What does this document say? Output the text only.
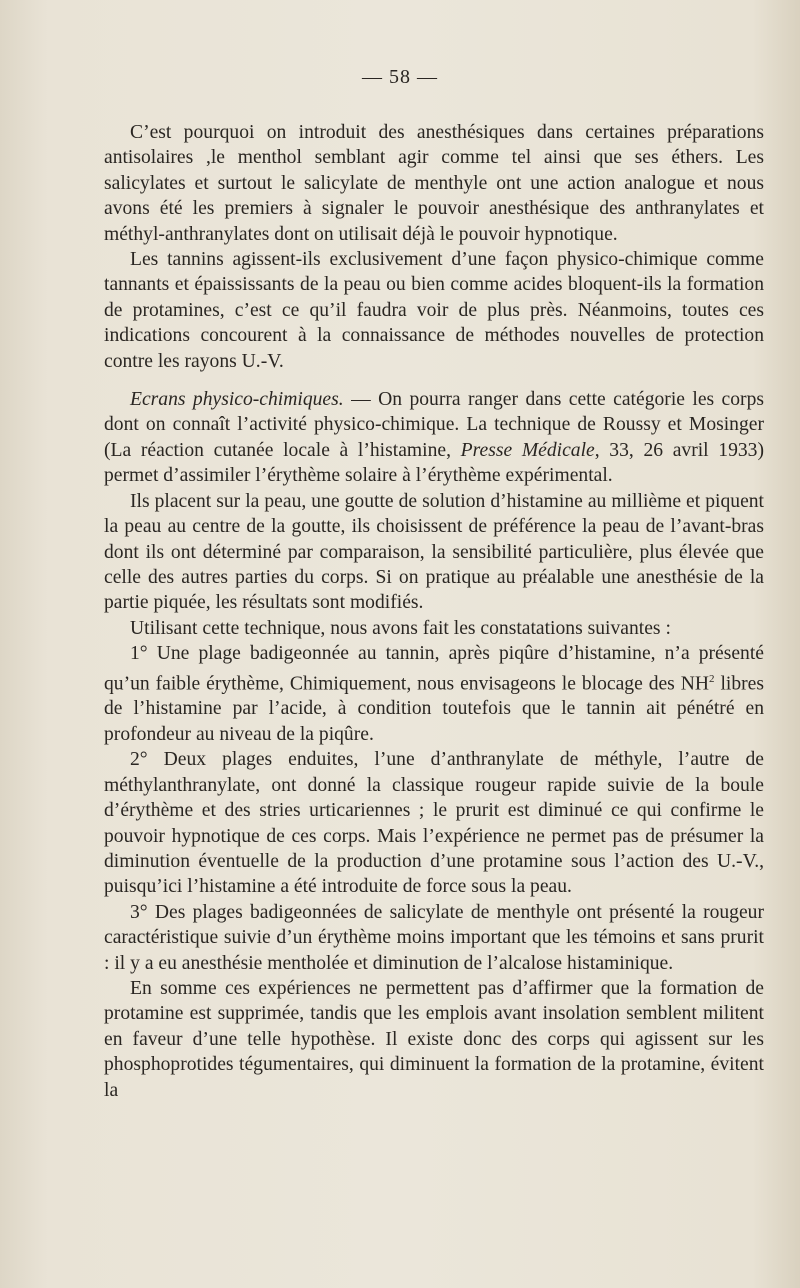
— 58 —

C’est pourquoi on introduit des anesthésiques dans certaines préparations antisolaires ,le menthol semblant agir comme tel ainsi que ses éthers. Les salicylates et surtout le salicylate de menthyle ont une action analogue et nous avons été les premiers à signaler le pouvoir anesthésique des anthranylates et méthyl-anthranylates dont on utilisait déjà le pouvoir hypnotique.

Les tannins agissent-ils exclusivement d’une façon physico-chimique comme tannants et épaississants de la peau ou bien comme acides bloquent-ils la formation de protamines, c’est ce qu’il faudra voir de plus près. Néanmoins, toutes ces indications concourent à la connaissance de méthodes nouvelles de protection contre les rayons U.-V.

Ecrans physico-chimiques. — On pourra ranger dans cette catégorie les corps dont on connaît l’activité physico-chimique. La technique de Roussy et Mosinger (La réaction cutanée locale à l’histamine, Presse Médicale, 33, 26 avril 1933) permet d’assimiler l’érythème solaire à l’érythème expérimental.

Ils placent sur la peau, une goutte de solution d’histamine au millième et piquent la peau au centre de la goutte, ils choisissent de préférence la peau de l’avant-bras dont ils ont déterminé par comparaison, la sensibilité particulière, plus élevée que celle des autres parties du corps. Si on pratique au préalable une anesthésie de la partie piquée, les résultats sont modifiés.

Utilisant cette technique, nous avons fait les constatations suivantes :

1° Une plage badigeonnée au tannin, après piqûre d’histamine, n’a présenté qu’un faible érythème, Chimiquement, nous envisageons le blocage des $NH^2$ libres de l’histamine par l’acide, à condition toutefois que le tannin ait pénétré en profondeur au niveau de la piqûre.

2° Deux plages enduites, l’une d’anthranylate de méthyle, l’autre de méthylanthranylate, ont donné la classique rougeur rapide suivie de la boule d’érythème et des stries urticariennes ; le prurit est diminué ce qui confirme le pouvoir hypnotique de ces corps. Mais l’expérience ne permet pas de présumer la diminution éventuelle de la production d’une protamine sous l’action des U.-V., puisqu’ici l’histamine a été introduite de force sous la peau.

3° Des plages badigeonnées de salicylate de menthyle ont présenté la rougeur caractéristique suivie d’un érythème moins important que les témoins et sans prurit : il y a eu anesthésie mentholée et diminution de l’alcalose histaminique.

En somme ces expériences ne permettent pas d’affirmer que la formation de protamine est supprimée, tandis que les emplois avant insolation semblent militent en faveur d’une telle hypothèse. Il existe donc des corps qui agissent sur les phosphoprotides tégumentaires, qui diminuent la formation de la protamine, évitent la
